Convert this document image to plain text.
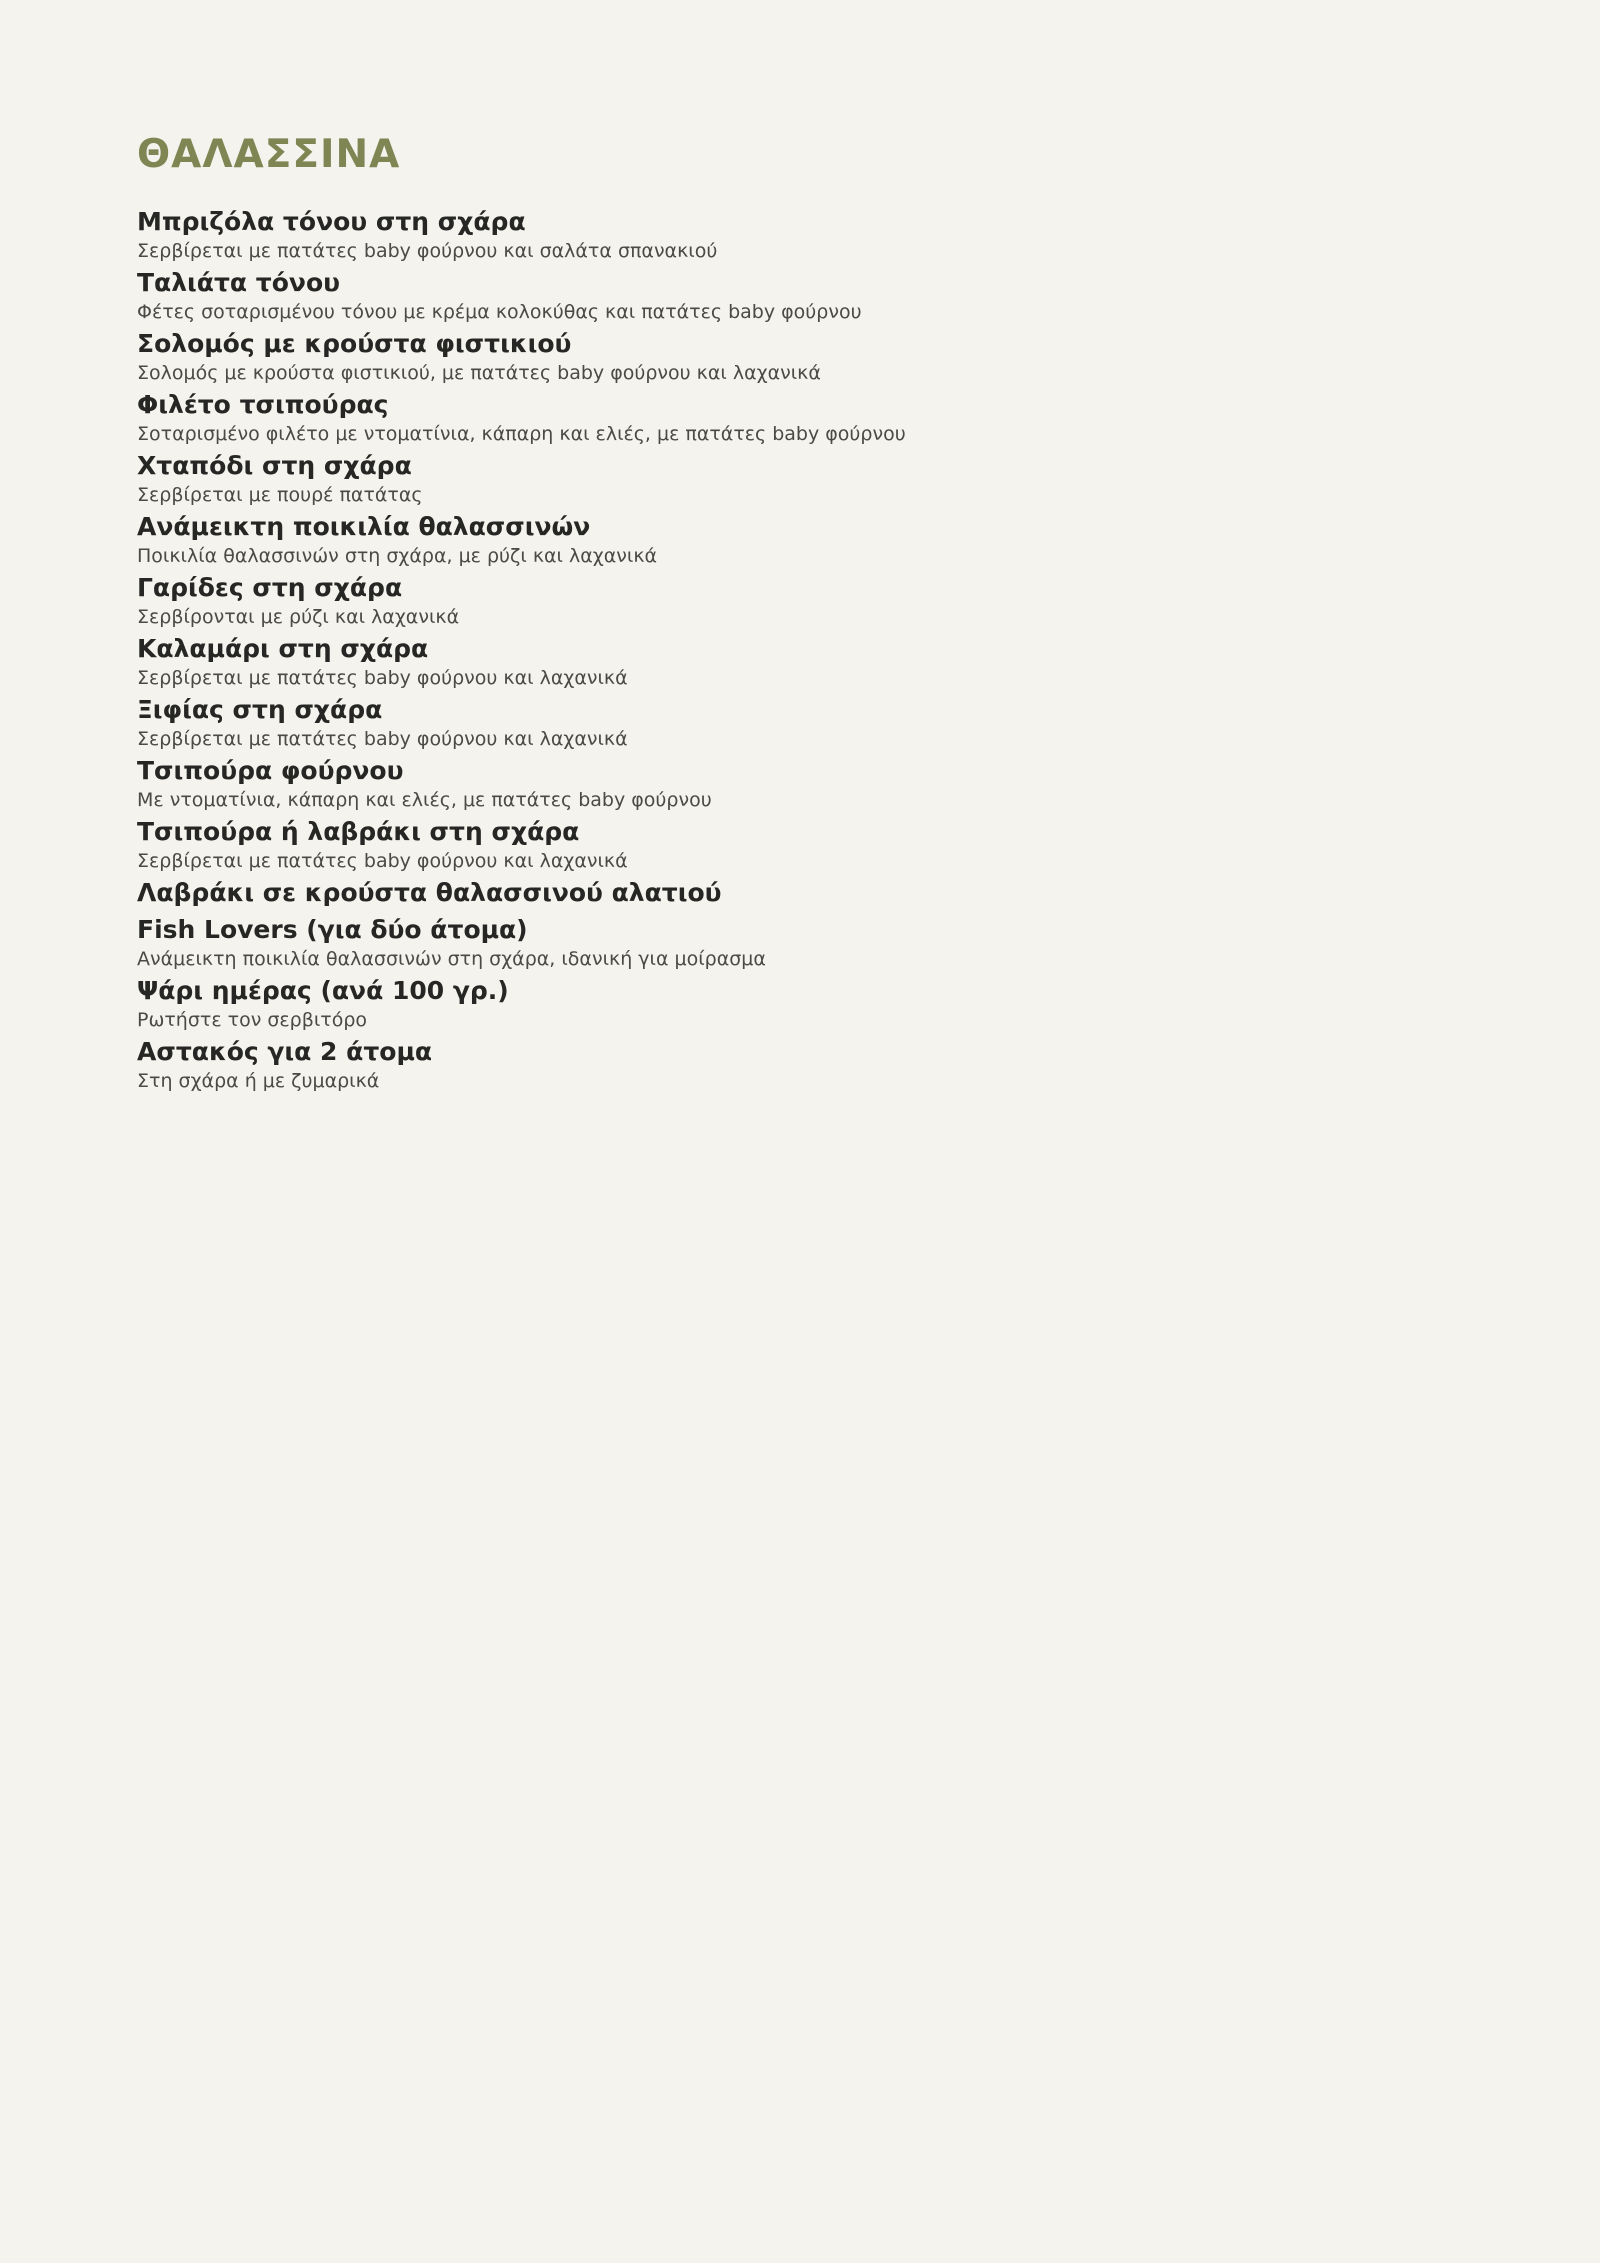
ΘΑΛΑΣΣΙΝΑ
Μπριζόλα τόνου στη σχάρα
Σερβίρεται με πατάτες baby φούρνου και σαλάτα σπανακιού
Ταλιάτα τόνου
Φέτες σοταρισμένου τόνου με κρέμα κολοκύθας και πατάτες baby φούρνου
Σολομός με κρούστα φιστικιού
Σολομός με κρούστα φιστικιού, με πατάτες baby φούρνου και λαχανικά
Φιλέτο τσιπούρας
Σοταρισμένο φιλέτο με ντοματίνια, κάπαρη και ελιές, με πατάτες baby φούρνου
Χταπόδι στη σχάρα
Σερβίρεται με πουρέ πατάτας
Ανάμεικτη ποικιλία θαλασσινών
Ποικιλία θαλασσινών στη σχάρα, με ρύζι και λαχανικά
Γαρίδες στη σχάρα
Σερβίρονται με ρύζι και λαχανικά
Καλαμάρι στη σχάρα
Σερβίρεται με πατάτες baby φούρνου και λαχανικά
Ξιφίας στη σχάρα
Σερβίρεται με πατάτες baby φούρνου και λαχανικά
Τσιπούρα φούρνου
Με ντοματίνια, κάπαρη και ελιές, με πατάτες baby φούρνου
Τσιπούρα ή λαβράκι στη σχάρα
Σερβίρεται με πατάτες baby φούρνου και λαχανικά
Λαβράκι σε κρούστα θαλασσινού αλατιού
Fish Lovers (για δύο άτομα)
Ανάμεικτη ποικιλία θαλασσινών στη σχάρα, ιδανική για μοίρασμα
Ψάρι ημέρας (ανά 100 γρ.)
Ρωτήστε τον σερβιτόρο
Αστακός για 2 άτομα
Στη σχάρα ή με ζυμαρικά
